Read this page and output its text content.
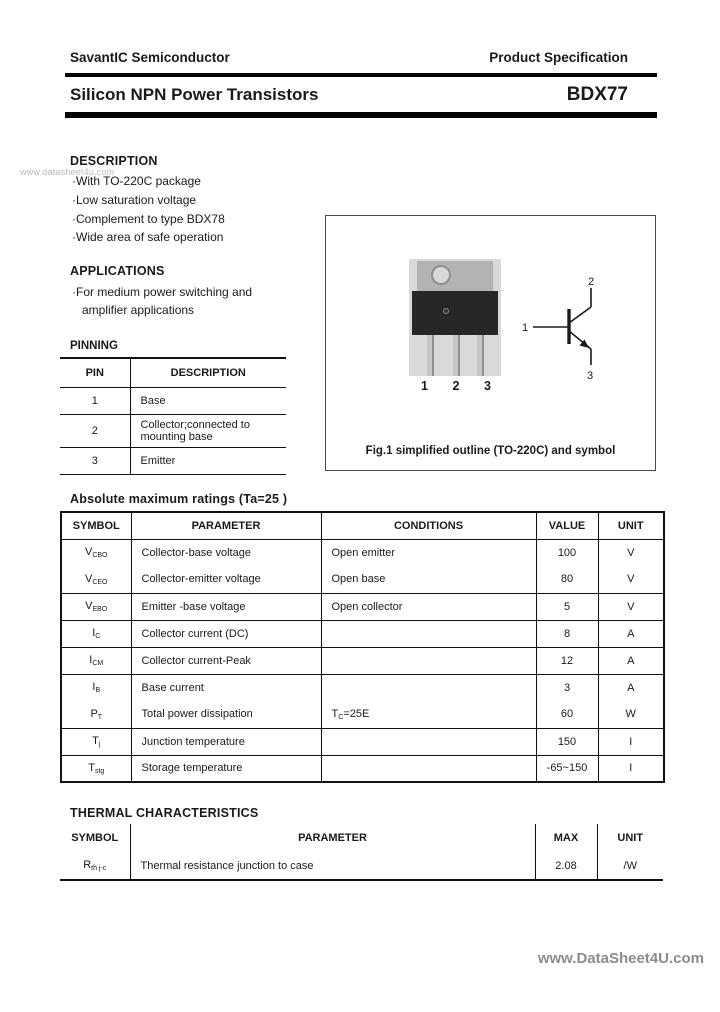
SavantIC Semiconductor	Product Specification
Silicon NPN Power Transistors	BDX77
www.datasheet4u.com
DESCRIPTION
·With TO-220C package
·Low saturation voltage
·Complement to type BDX78
·Wide area of safe operation
APPLICATIONS
·For medium power switching and
amplifier applications
PINNING
PIN	DESCRIPTION
1	Base
2	Collector;connected to mounting base
3	Emitter
1 2 3
2
1
3
Fig.1 simplified outline (TO-220C) and symbol
Absolute maximum ratings (Ta=25 )
SYMBOL	PARAMETER	CONDITIONS	VALUE	UNIT
$V_{CBO}$	Collector-base voltage	Open emitter	100	V
$V_{CEO}$	Collector-emitter voltage	Open base	80	V
$V_{EBO}$	Emitter -base voltage	Open collector	5	V
$I_C$	Collector current (DC)		8	A
$I_{CM}$	Collector current-Peak		12	A
$I_B$	Base current		3	A
$P_T$	Total power dissipation	$T_C=25E$	60	W
$T_j$	Junction temperature		150	I
$T_{stg}$	Storage temperature		-65~150	I
THERMAL CHARACTERISTICS
SYMBOL	PARAMETER	MAX	UNIT
$R_{th j-c}$	Thermal resistance junction to case	2.08	/W
www.DataSheet4U.com
